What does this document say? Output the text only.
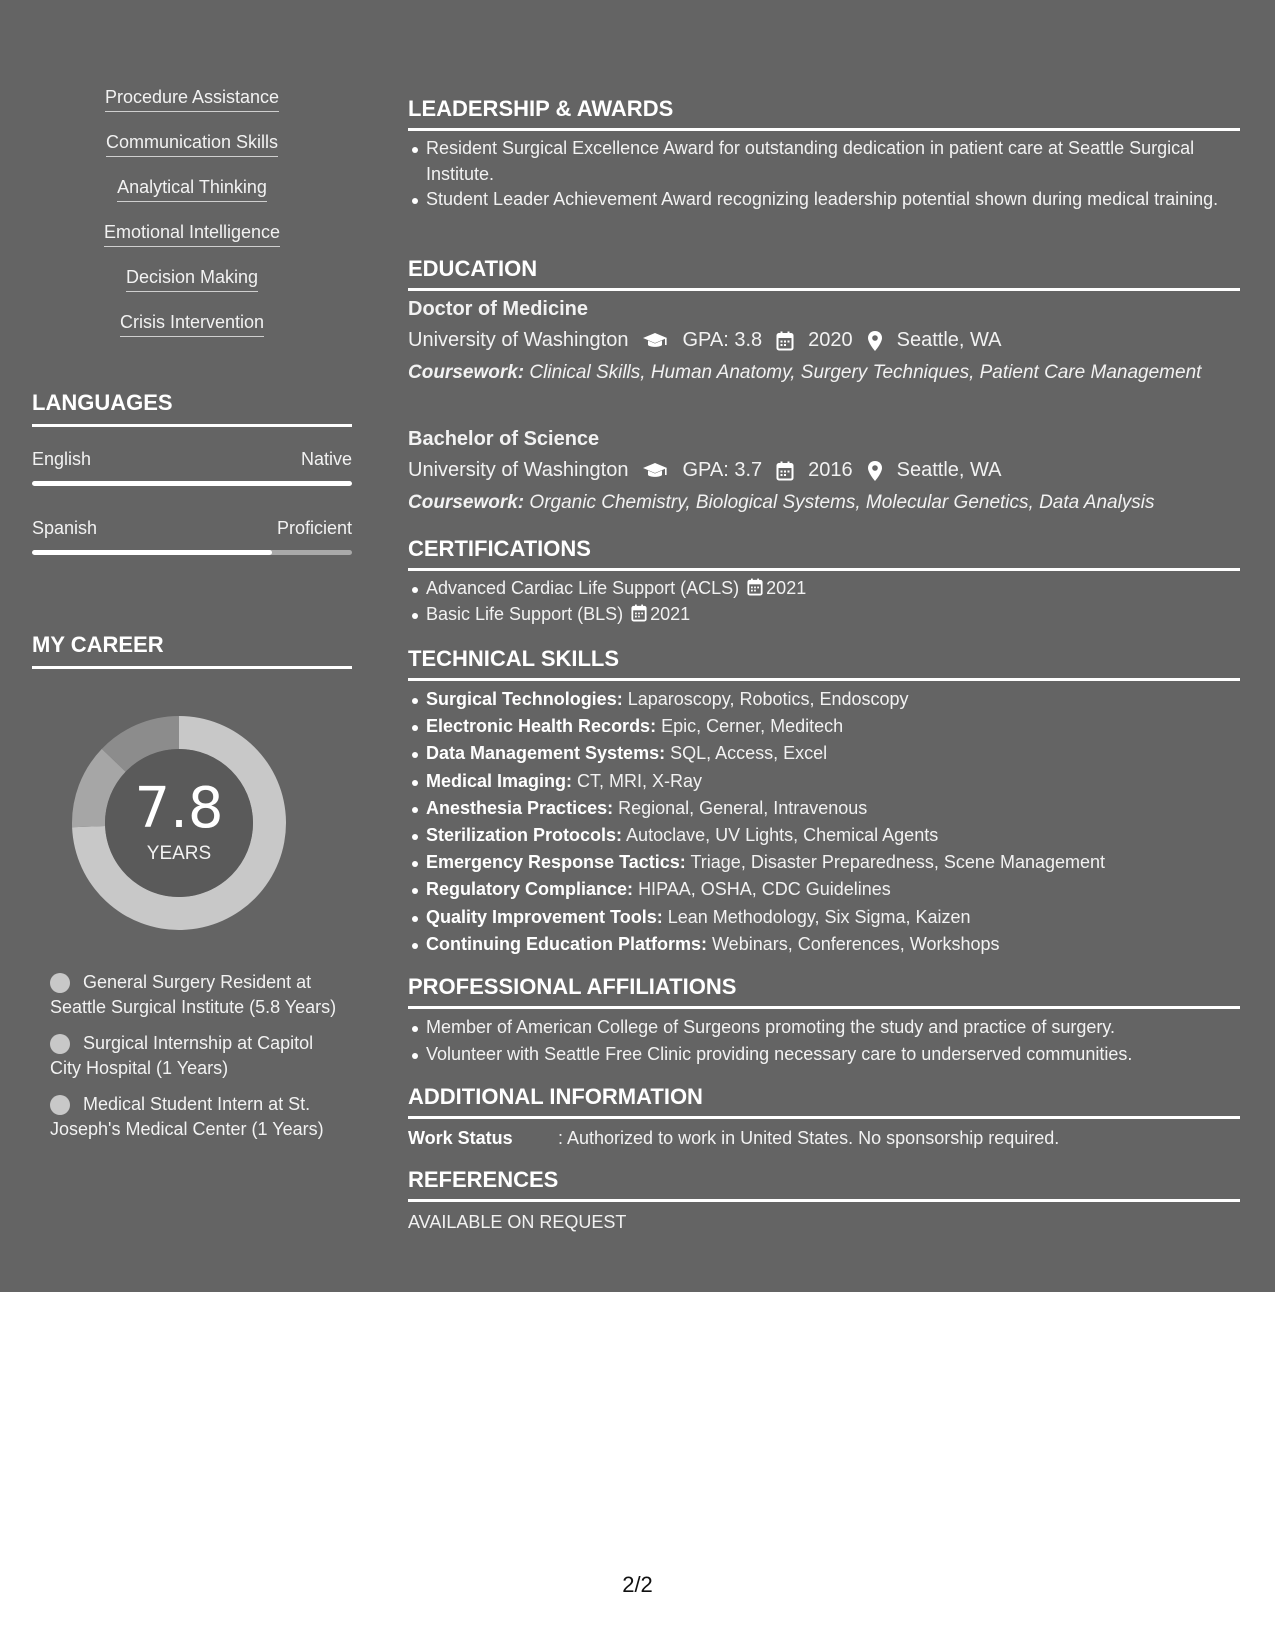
Procedure Assistance
Communication Skills
Analytical Thinking
Emotional Intelligence
Decision Making
Crisis Intervention
LANGUAGES
English	Native
Spanish	Proficient
MY CAREER
7.8
YEARS
General Surgery Resident at Seattle Surgical Institute (5.8 Years)
Surgical Internship at Capitol City Hospital (1 Years)
Medical Student Intern at St. Joseph's Medical Center (1 Years)
LEADERSHIP & AWARDS
Resident Surgical Excellence Award for outstanding dedication in patient care at Seattle Surgical Institute.
Student Leader Achievement Award recognizing leadership potential shown during medical training.
EDUCATION
Doctor of Medicine
University of Washington	GPA: 3.8 2020 Seattle, WA
Coursework: Clinical Skills, Human Anatomy, Surgery Techniques, Patient Care Management
Bachelor of Science
University of Washington	GPA: 3.7 2016 Seattle, WA
Coursework: Organic Chemistry, Biological Systems, Molecular Genetics, Data Analysis
CERTIFICATIONS
Advanced Cardiac Life Support (ACLS) 2021
Basic Life Support (BLS) 2021
TECHNICAL SKILLS
Surgical Technologies: Laparoscopy, Robotics, Endoscopy
Electronic Health Records: Epic, Cerner, Meditech
Data Management Systems: SQL, Access, Excel
Medical Imaging: CT, MRI, X-Ray
Anesthesia Practices: Regional, General, Intravenous
Sterilization Protocols: Autoclave, UV Lights, Chemical Agents
Emergency Response Tactics: Triage, Disaster Preparedness, Scene Management
Regulatory Compliance: HIPAA, OSHA, CDC Guidelines
Quality Improvement Tools: Lean Methodology, Six Sigma, Kaizen
Continuing Education Platforms: Webinars, Conferences, Workshops
PROFESSIONAL AFFILIATIONS
Member of American College of Surgeons promoting the study and practice of surgery.
Volunteer with Seattle Free Clinic providing necessary care to underserved communities.
ADDITIONAL INFORMATION
Work Status	: Authorized to work in United States. No sponsorship required.
REFERENCES
AVAILABLE ON REQUEST
2/2
